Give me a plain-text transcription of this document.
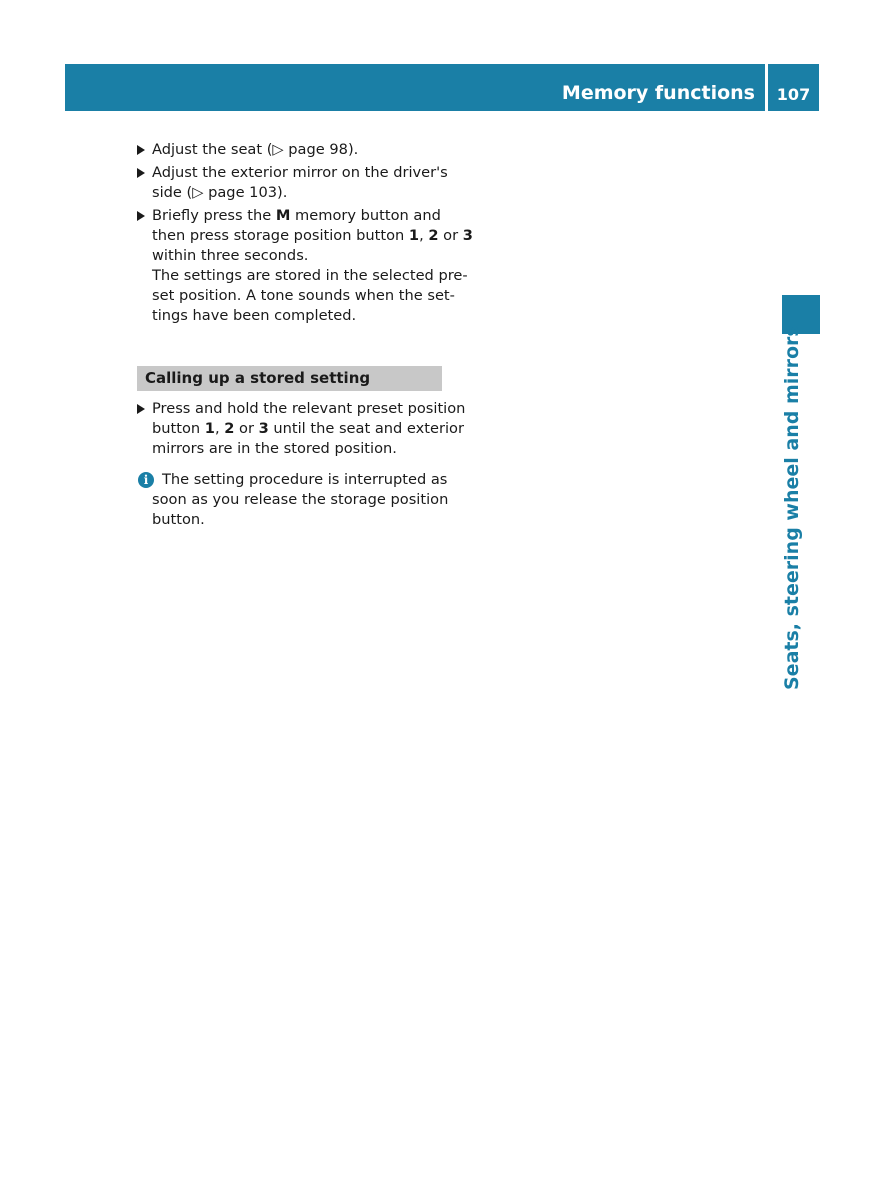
Memory functions	107
Seats, steering wheel and mirrors
Adjust the seat (▷ page 98).
Adjust the exterior mirror on the driver's
side (▷ page 103).
Briefly press the M memory button and
then press storage position button 1, 2 or 3
within three seconds.
The settings are stored in the selected pre-
set position. A tone sounds when the set-
tings have been completed.
Calling up a stored setting
Press and hold the relevant preset position
button 1, 2 or 3 until the seat and exterior
mirrors are in the stored position.
i The setting procedure is interrupted as
soon as you release the storage position
button.
